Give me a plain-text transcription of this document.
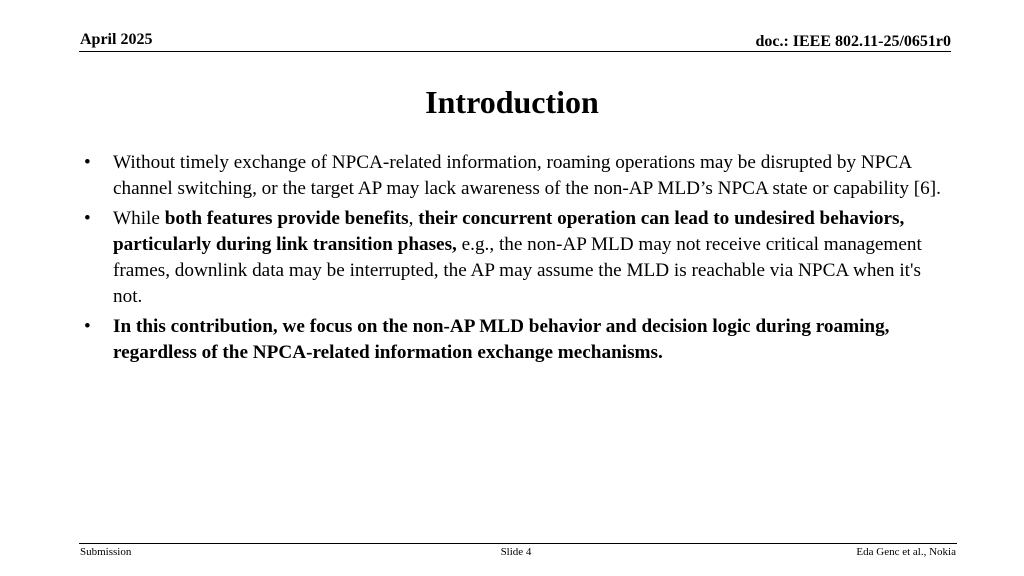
April 2025	doc.: IEEE 802.11-25/0651r0
Introduction
• Without timely exchange of NPCA-related information, roaming operations may be disrupted by NPCA channel switching, or the target AP may lack awareness of the non-AP MLD’s NPCA state or capability [6].
• While both features provide benefits, their concurrent operation can lead to undesired behaviors, particularly during link transition phases, e.g., the non-AP MLD may not receive critical management frames, downlink data may be interrupted, the AP may assume the MLD is reachable via NPCA when it's not.
• In this contribution, we focus on the non-AP MLD behavior and decision logic during roaming, regardless of the NPCA-related information exchange mechanisms.
Submission	Slide 4	Eda Genc et al., Nokia
